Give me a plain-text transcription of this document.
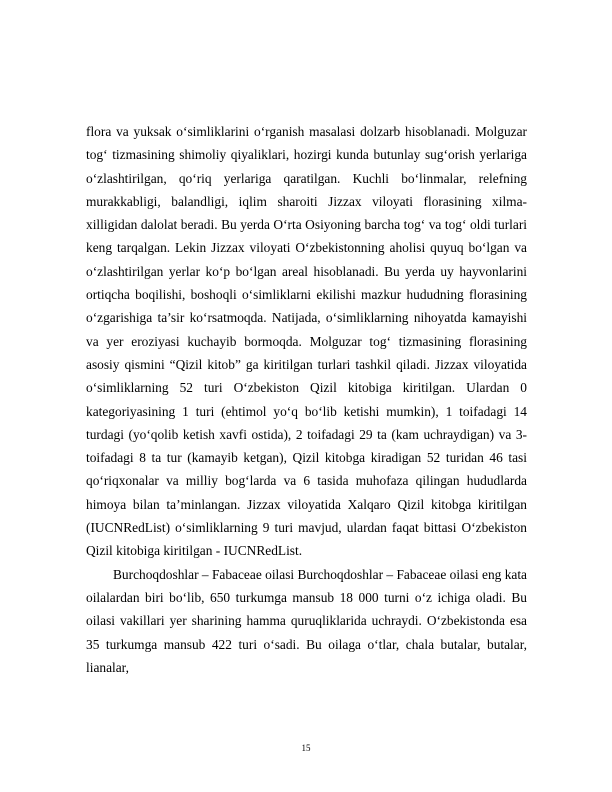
flora va yuksak o‘simliklarini o‘rganish masalasi dolzarb hisoblanadi. Molguzar tog‘ tizmasining shimoliy qiyaliklari, hozirgi kunda butunlay sug‘orish yerlariga o‘zlashtirilgan, qo‘riq yerlariga qaratilgan. Kuchli bo‘linmalar, relefning murakkabligi, balandligi, iqlim sharoiti Jizzax viloyati florasining xilma-xilligidan dalolat beradi. Bu yerda O‘rta Osiyoning barcha tog‘ va tog‘ oldi turlari keng tarqalgan. Lekin Jizzax viloyati O‘zbekistonning aholisi quyuq bo‘lgan va o‘zlashtirilgan yerlar ko‘p bo‘lgan areal hisoblanadi. Bu yerda uy hayvonlarini ortiqcha boqilishi, boshoqli o‘simliklarni ekilishi mazkur hududning florasining o‘zgarishiga ta’sir ko‘rsatmoqda. Natijada, o‘simliklarning nihoyatda kamayishi va yer eroziyasi kuchayib bormoqda. Molguzar tog‘ tizmasining florasining asosiy qismini “Qizil kitob” ga kiritilgan turlari tashkil qiladi. Jizzax viloyatida o‘simliklarning 52 turi O‘zbekiston Qizil kitobiga kiritilgan. Ulardan 0 kategoriyasining 1 turi (ehtimol yo‘q bo‘lib ketishi mumkin), 1 toifadagi 14 turdagi (yo‘qolib ketish xavfi ostida), 2 toifadagi 29 ta (kam uchraydigan) va 3-toifadagi 8 ta tur (kamayib ketgan), Qizil kitobga kiradigan 52 turidan 46 tasi qo‘riqxonalar va milliy bog‘larda va 6 tasida muhofaza qilingan hududlarda himoya bilan ta’minlangan. Jizzax viloyatida Xalqaro Qizil kitobga kiritilgan (IUCNRedList) o‘simliklarning 9 turi mavjud, ulardan faqat bittasi O‘zbekiston Qizil kitobiga kiritilgan - IUCNRedList.

Burchoqdoshlar – Fabaceae oilasi Burchoqdoshlar – Fabaceae oilasi eng kata oilalardan biri bo‘lib, 650 turkumga mansub 18 000 turni o‘z ichiga oladi. Bu oilasi vakillari yer sharining hamma quruqliklarida uchraydi. O‘zbekistonda esa 35 turkumga mansub 422 turi o‘sadi. Bu oilaga o‘tlar, chala butalar, butalar, lianalar,

15
